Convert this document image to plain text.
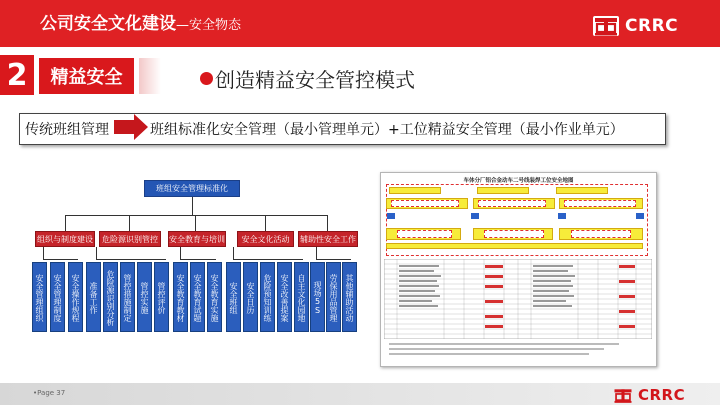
公司安全文化建设—安全物态	CRRC
2	精益安全	创造精益安全管控模式
传统班组管理	班组标准化安全管理（最小管理单元）+工位精益安全管理（最小作业单元）
班组安全管理标准化
组织与制度建设	危险源识别管控	安全教育与培训	安全文化活动	辅助性安全工作
安全管理组织	安全管理制度	安全操作规程	准备工作	危险源识别分析	管控措施制定	管控实施	管控评价	安全教育教材	安全教育试题	安全教育实施	安全班组	安全日历	危险预知训练	安全改善提案	自主文化园地 现场5S 劳保用品管理 其他辅助活动
车体分厂铝合金动车二号线装焊工位安全地图
•Page 37	CRRC
